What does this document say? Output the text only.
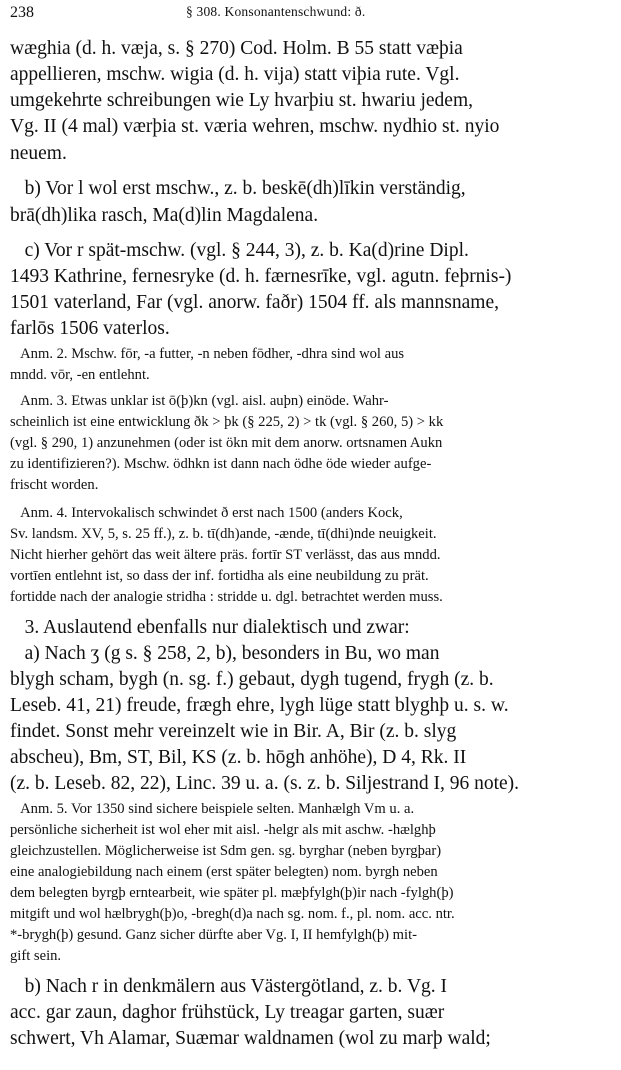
238	§ 308. Konsonantenschwund: ð.
wæghia (d. h. væja, s. § 270) Cod. Holm. B 55 statt væþia
appellieren, mschw. wigia (d. h. vija) statt viþia rute. Vgl.
umgekehrte schreibungen wie Ly hvarþiu st. hwariu jedem,
Vg. II (4 mal) værþia st. væria wehren, mschw. nydhio st. nyio
neuem.
b) Vor l wol erst mschw., z. b. beskē(dh)līkin verständig,
brā(dh)lika rasch, Ma(d)lin Magdalena.
c) Vor r spät-mschw. (vgl. § 244, 3), z. b. Ka(d)rine Dipl.
1493 Kathrine, fernesryke (d. h. færnesrīke, vgl. agutn. feþrnis-)
1501 vaterland, Far (vgl. anorw. faðr) 1504 ff. als mannsname,
farlōs 1506 vaterlos.
Anm. 2. Mschw. fōr, -a futter, -n neben fōdher, -dhra sind wol aus
mndd. vōr, -en entlehnt.
Anm. 3. Etwas unklar ist ō(þ)kn (vgl. aisl. auþn) einöde. Wahr-
scheinlich ist eine entwicklung ðk > þk (§ 225, 2) > tk (vgl. § 260, 5) > kk
(vgl. § 290, 1) anzunehmen (oder ist ökn mit dem anorw. ortsnamen Aukn
zu identifizieren?). Mschw. ödhkn ist dann nach ödhe öde wieder aufge-
frischt worden.
Anm. 4. Intervokalisch schwindet ð erst nach 1500 (anders Kock,
Sv. landsm. XV, 5, s. 25 ff.), z. b. tī(dh)ande, -ænde, tī(dhi)nde neuigkeit.
Nicht hierher gehört das weit ältere präs. fortīr ST verlässt, das aus mndd.
vortīen entlehnt ist, so dass der inf. fortidha als eine neubildung zu prät.
fortidde nach der analogie stridha : stridde u. dgl. betrachtet werden muss.
3. Auslautend ebenfalls nur dialektisch und zwar:
a) Nach ʒ (g s. § 258, 2, b), besonders in Bu, wo man
blygh scham, bygh (n. sg. f.) gebaut, dygh tugend, frygh (z. b.
Leseb. 41, 21) freude, frægh ehre, lygh lüge statt blyghþ u. s. w.
findet. Sonst mehr vereinzelt wie in Bir. A, Bir (z. b. slyg
abscheu), Bm, ST, Bil, KS (z. b. hōgh anhöhe), D 4, Rk. II
(z. b. Leseb. 82, 22), Linc. 39 u. a. (s. z. b. Siljestrand I, 96 note).
Anm. 5. Vor 1350 sind sichere beispiele selten. Manhælgh Vm u. a.
persönliche sicherheit ist wol eher mit aisl. -helgr als mit aschw. -hælghþ
gleichzustellen. Möglicherweise ist Sdm gen. sg. byrghar (neben byrgþar)
eine analogiebildung nach einem (erst später belegten) nom. byrgh neben
dem belegten byrgþ erntearbeit, wie später pl. mæþfylgh(þ)ir nach -fylgh(þ)
mitgift und wol hælbrygh(þ)o, -bregh(d)a nach sg. nom. f., pl. nom. acc. ntr.
*-brygh(þ) gesund. Ganz sicher dürfte aber Vg. I, II hemfylgh(þ) mit-
gift sein.
b) Nach r in denkmälern aus Västergötland, z. b. Vg. I
acc. gar zaun, daghor frühstück, Ly treagar garten, suær
schwert, Vh Alamar, Suæmar waldnamen (wol zu marþ wald;
